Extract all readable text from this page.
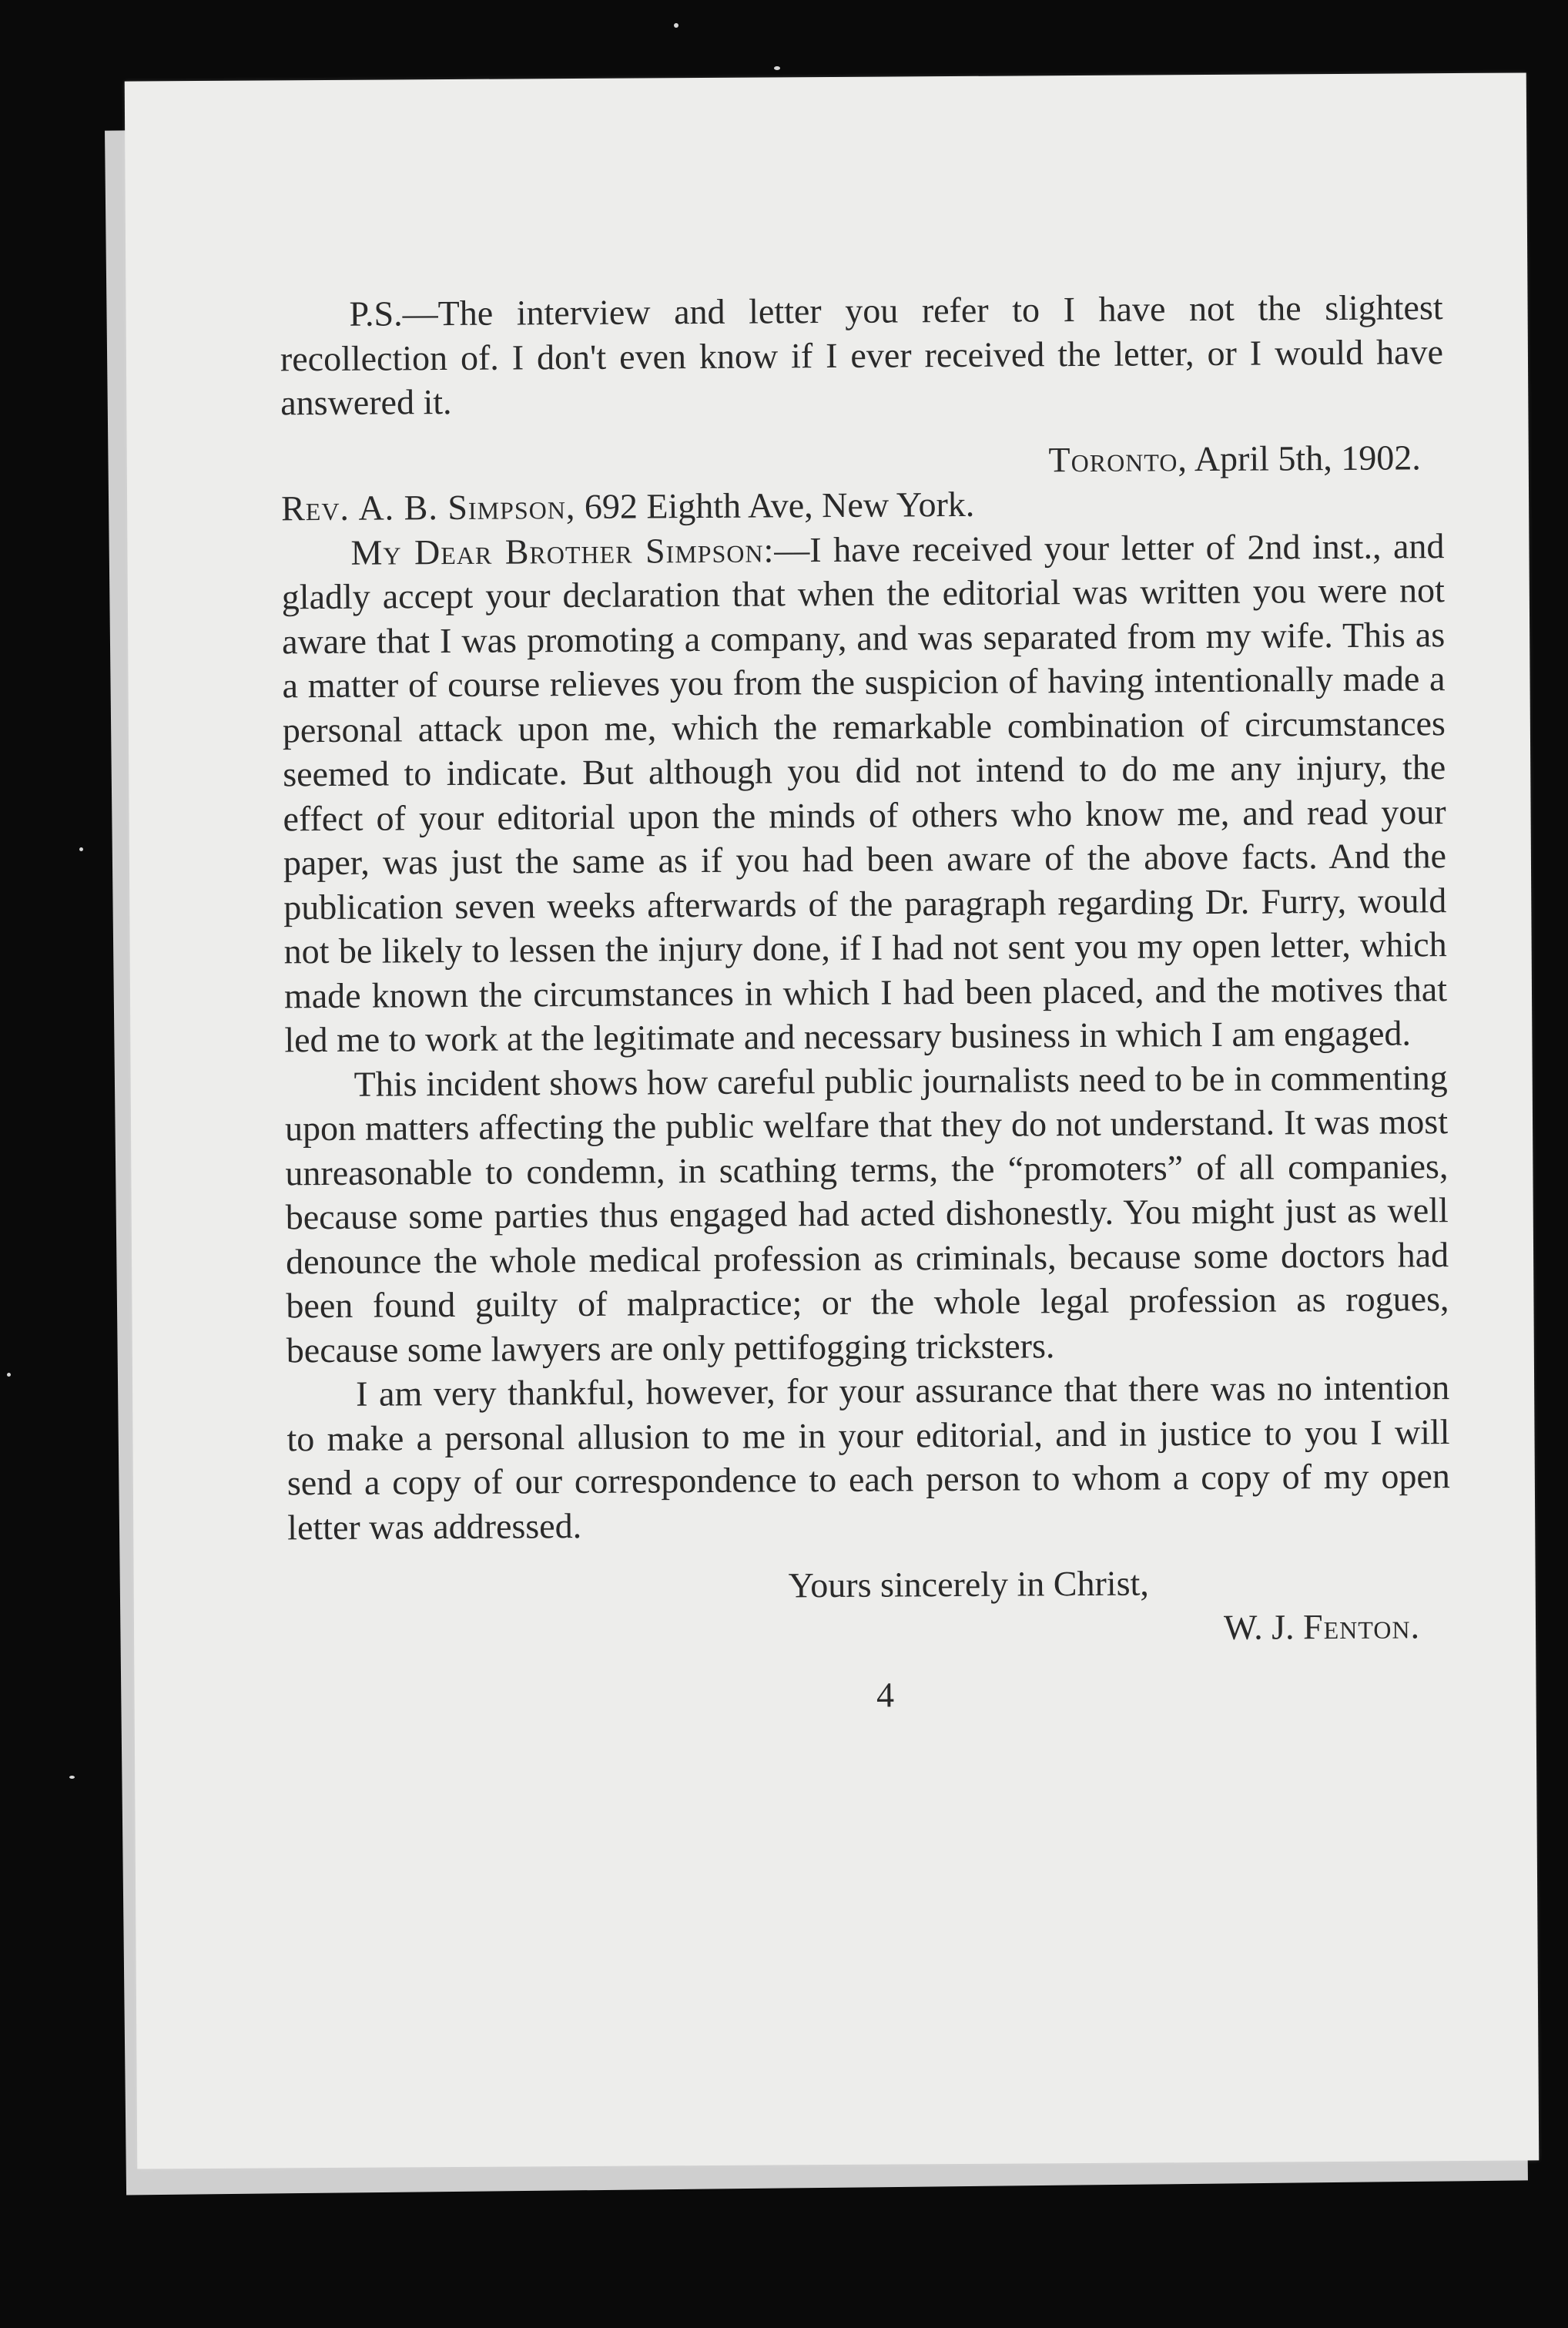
P.S.—The interview and letter you refer to I have not the slightest recollection of. I don't even know if I ever received the letter, or I would have answered it.

Toronto, April 5th, 1902.

Rev. A. B. Simpson, 692 Eighth Ave, New York.

My Dear Brother Simpson:—I have received your letter of 2nd inst., and gladly accept your declaration that when the editorial was written you were not aware that I was promoting a company, and was separated from my wife. This as a matter of course relieves you from the suspicion of having intentionally made a personal attack upon me, which the remarkable combination of circumstances seemed to indicate. But although you did not intend to do me any injury, the effect of your editorial upon the minds of others who know me, and read your paper, was just the same as if you had been aware of the above facts. And the publication seven weeks afterwards of the paragraph regarding Dr. Furry, would not be likely to lessen the injury done, if I had not sent you my open letter, which made known the circumstances in which I had been placed, and the motives that led me to work at the legitimate and necessary business in which I am engaged.

This incident shows how careful public journalists need to be in commenting upon matters affecting the public welfare that they do not understand. It was most unreasonable to condemn, in scathing terms, the “promoters” of all companies, because some parties thus engaged had acted dishonestly. You might just as well denounce the whole medical profession as criminals, because some doctors had been found guilty of malpractice; or the whole legal profession as rogues, because some lawyers are only pettifogging tricksters.

I am very thankful, however, for your assurance that there was no intention to make a personal allusion to me in your editorial, and in justice to you I will send a copy of our correspondence to each person to whom a copy of my open letter was addressed.

Yours sincerely in Christ,

W. J. Fenton.

4
